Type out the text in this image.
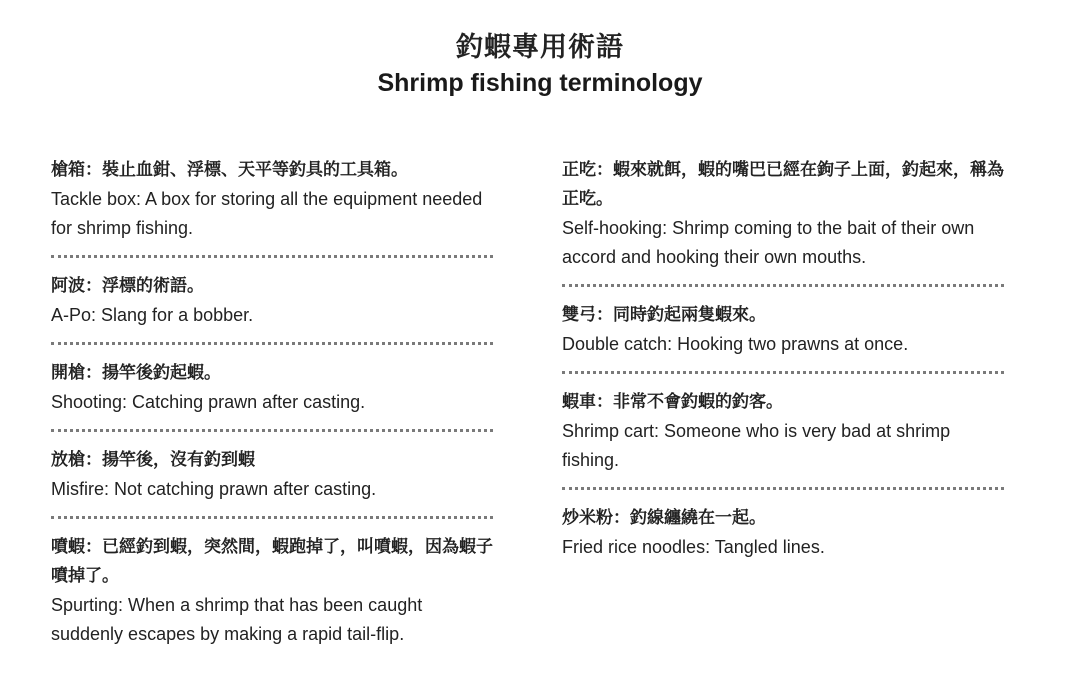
釣蝦專用術語
Shrimp fishing terminology
槍箱：裝止血鉗、浮標、天平等釣具的工具箱。
Tackle box: A box for storing all the equipment needed for shrimp fishing.
阿波：浮標的術語。
A-Po: Slang for a bobber.
開槍：揚竿後釣起蝦。
Shooting: Catching prawn after casting.
放槍：揚竿後，沒有釣到蝦
Misfire: Not catching prawn after casting.
噴蝦：已經釣到蝦，突然間，蝦跑掉了，叫噴蝦，因為蝦子噴掉了。
Spurting: When a shrimp that has been caught suddenly escapes by making a rapid tail-flip.
正吃：蝦來就餌，蝦的嘴巴已經在鉤子上面，釣起來，稱為正吃。
Self-hooking: Shrimp coming to the bait of their own accord and hooking their own mouths.
雙弓：同時釣起兩隻蝦來。
Double catch: Hooking two prawns at once.
蝦車：非常不會釣蝦的釣客。
Shrimp cart: Someone who is very bad at shrimp fishing.
炒米粉：釣線纏繞在一起。
Fried rice noodles: Tangled lines.
